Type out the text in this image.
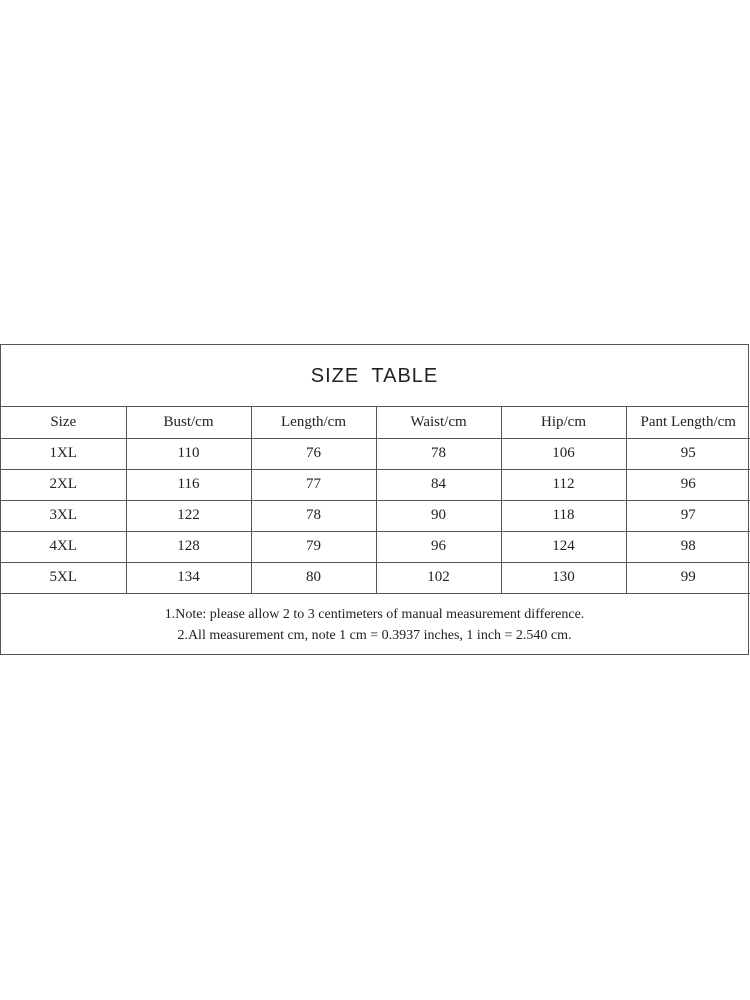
SIZE TABLE
Size	Bust/cm	Length/cm	Waist/cm	Hip/cm	Pant Length/cm
1XL	110	76	78	106	95
2XL	116	77	84	112	96
3XL	122	78	90	118	97
4XL	128	79	96	124	98
5XL	134	80	102	130	99
1.Note: please allow 2 to 3 centimeters of manual measurement difference.
2.All measurement cm, note 1 cm = 0.3937 inches, 1 inch = 2.540 cm.
